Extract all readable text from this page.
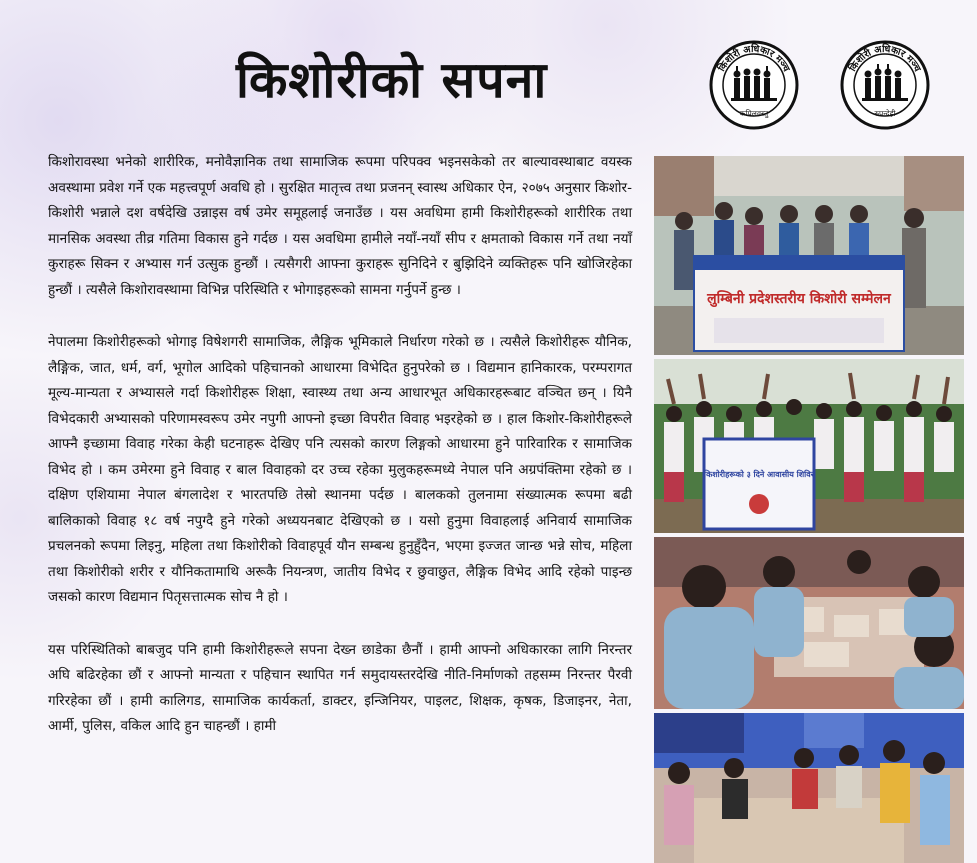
किशोरीको सपना	किशोरी अधिकार मञ्च
कपिलवस्तु
किशोरी अधिकार मञ्च
रुपन्देही

किशोरावस्था भनेको शारीरिक, मनोवैज्ञानिक तथा सामाजिक रूपमा परिपक्व भइनसकेको तर बाल्यावस्थाबाट वयस्क अवस्थामा प्रवेश गर्ने एक महत्त्वपूर्ण अवधि हो । सुरक्षित मातृत्त्व तथा प्रजनन् स्वास्थ अधिकार ऐन, २०७५ अनुसार किशोर-किशोरी भन्नाले दश वर्षदेखि उन्नाइस वर्ष उमेर समूहलाई जनाउँछ । यस अवधिमा हामी किशोरीहरूको शारीरिक तथा मानसिक अवस्था तीव्र गतिमा विकास हुने गर्दछ । यस अवधिमा हामीले नयाँ-नयाँ सीप र क्षमताको विकास गर्ने तथा नयाँ कुराहरू सिक्न र अभ्यास गर्न उत्सुक हुन्छौं । त्यसैगरी आफ्ना कुराहरू सुनिदिने र बुझिदिने व्यक्तिहरू पनि खोजिरहेका हुन्छौं । त्यसैले किशोरावस्थामा विभिन्न परिस्थिति र भोगाइहरूको सामना गर्नुपर्ने हुन्छ ।

नेपालमा किशोरीहरूको भोगाइ विषेशगरी सामाजिक, लैङ्गिक भूमिकाले निर्धारण गरेको छ । त्यसैले किशोरीहरू यौनिक, लैङ्गिक, जात, धर्म, वर्ग, भूगोल आदिको पहिचानको आधारमा विभेदित हुनुपरेको छ । विद्यमान हानिकारक, परम्परागत मूल्य-मान्यता र अभ्यासले गर्दा किशोरीहरू शिक्षा, स्वास्थ्य तथा अन्य आधारभूत अधिकारहरूबाट वञ्चित छन् । यिनै विभेदकारी अभ्यासको परिणामस्वरूप उमेर नपुगी आफ्नो इच्छा विपरीत विवाह भइरहेको छ । हाल किशोर-किशोरीहरूले आफ्नै इच्छामा विवाह गरेका केही घटनाहरू देखिए पनि त्यसको कारण लिङ्गको आधारमा हुने पारिवारिक र सामाजिक विभेद हो । कम उमेरमा हुने विवाह र बाल विवाहको दर उच्च रहेका मुलुकहरूमध्ये नेपाल पनि अग्रपंक्तिमा रहेको छ । दक्षिण एशियामा नेपाल बंगलादेश र भारतपछि तेस्रो स्थानमा पर्दछ । बालकको तुलनामा संख्यात्मक रूपमा बढी बालिकाको विवाह १८ वर्ष नपुग्दै हुने गरेको अध्ययनबाट देखिएको छ । यसो हुनुमा विवाहलाई अनिवार्य सामाजिक प्रचलनको रूपमा लिइनु, महिला तथा किशोरीको विवाहपूर्व यौन सम्बन्ध हुनुहुँदैन, भएमा इज्जत जान्छ भन्ने सोच, महिला तथा किशोरीको शरीर र यौनिकतामाथि अरूकै नियन्त्रण, जातीय विभेद र छुवाछुत, लैङ्गिक विभेद आदि रहेको पाइन्छ जसको कारण विद्यमान पितृसत्तात्मक सोच नै हो ।

यस परिस्थितिको बाबजुद पनि हामी किशोरीहरूले सपना देख्न छाडेका छैनौं । हामी आफ्नो अधिकारका लागि निरन्तर अघि बढिरहेका छौं र आफ्नो मान्यता र पहिचान स्थापित गर्न समुदायस्तरदेखि नीति-निर्माणको तहसम्म निरन्तर पैरवी गरिरहेका छौं । हामी कालिगड, सामाजिक कार्यकर्ता, डाक्टर, इन्जिनियर, पाइलट, शिक्षक, कृषक, डिजाइनर, नेता, आर्मी, पुलिस, वकिल आदि हुन चाहन्छौं । हामी

लुम्बिनी प्रदेशस्तरीय किशोरी सम्मेलन
किशोरीहरूको ३ दिने आवासीय शिविर
